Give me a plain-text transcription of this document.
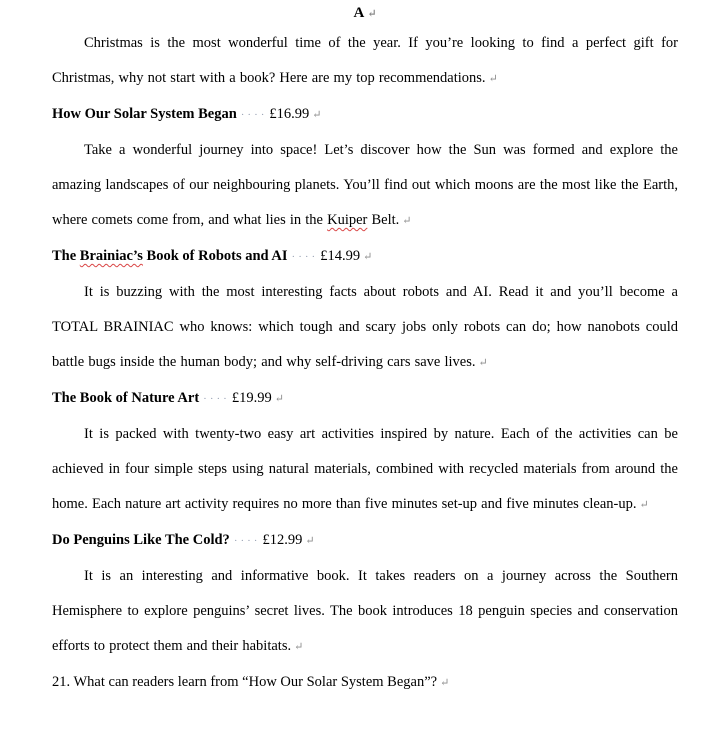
A ↵

Christmas is the most wonderful time of the year. If you’re looking to find a perfect gift for Christmas, why not start with a book? Here are my top recommendations. ↵

How Our Solar System Began ···· £16.99 ↵

Take a wonderful journey into space! Let’s discover how the Sun was formed and explore the amazing landscapes of our neighbouring planets. You’ll find out which moons are the most like the Earth, where comets come from, and what lies in the Kuiper Belt. ↵

The Brainiac’s Book of Robots and AI ···· £14.99 ↵

It is buzzing with the most interesting facts about robots and AI. Read it and you’ll become a TOTAL BRAINIAC who knows: which tough and scary jobs only robots can do; how nanobots could battle bugs inside the human body; and why self-driving cars save lives. ↵

The Book of Nature Art ···· £19.99 ↵

It is packed with twenty-two easy art activities inspired by nature. Each of the activities can be achieved in four simple steps using natural materials, combined with recycled materials from around the home. Each nature art activity requires no more than five minutes set-up and five minutes clean-up. ↵

Do Penguins Like The Cold? ···· £12.99 ↵

It is an interesting and informative book. It takes readers on a journey across the Southern Hemisphere to explore penguins’ secret lives. The book introduces 18 penguin species and conservation efforts to protect them and their habitats. ↵

21. What can readers learn from “How Our Solar System Began”? ↵
